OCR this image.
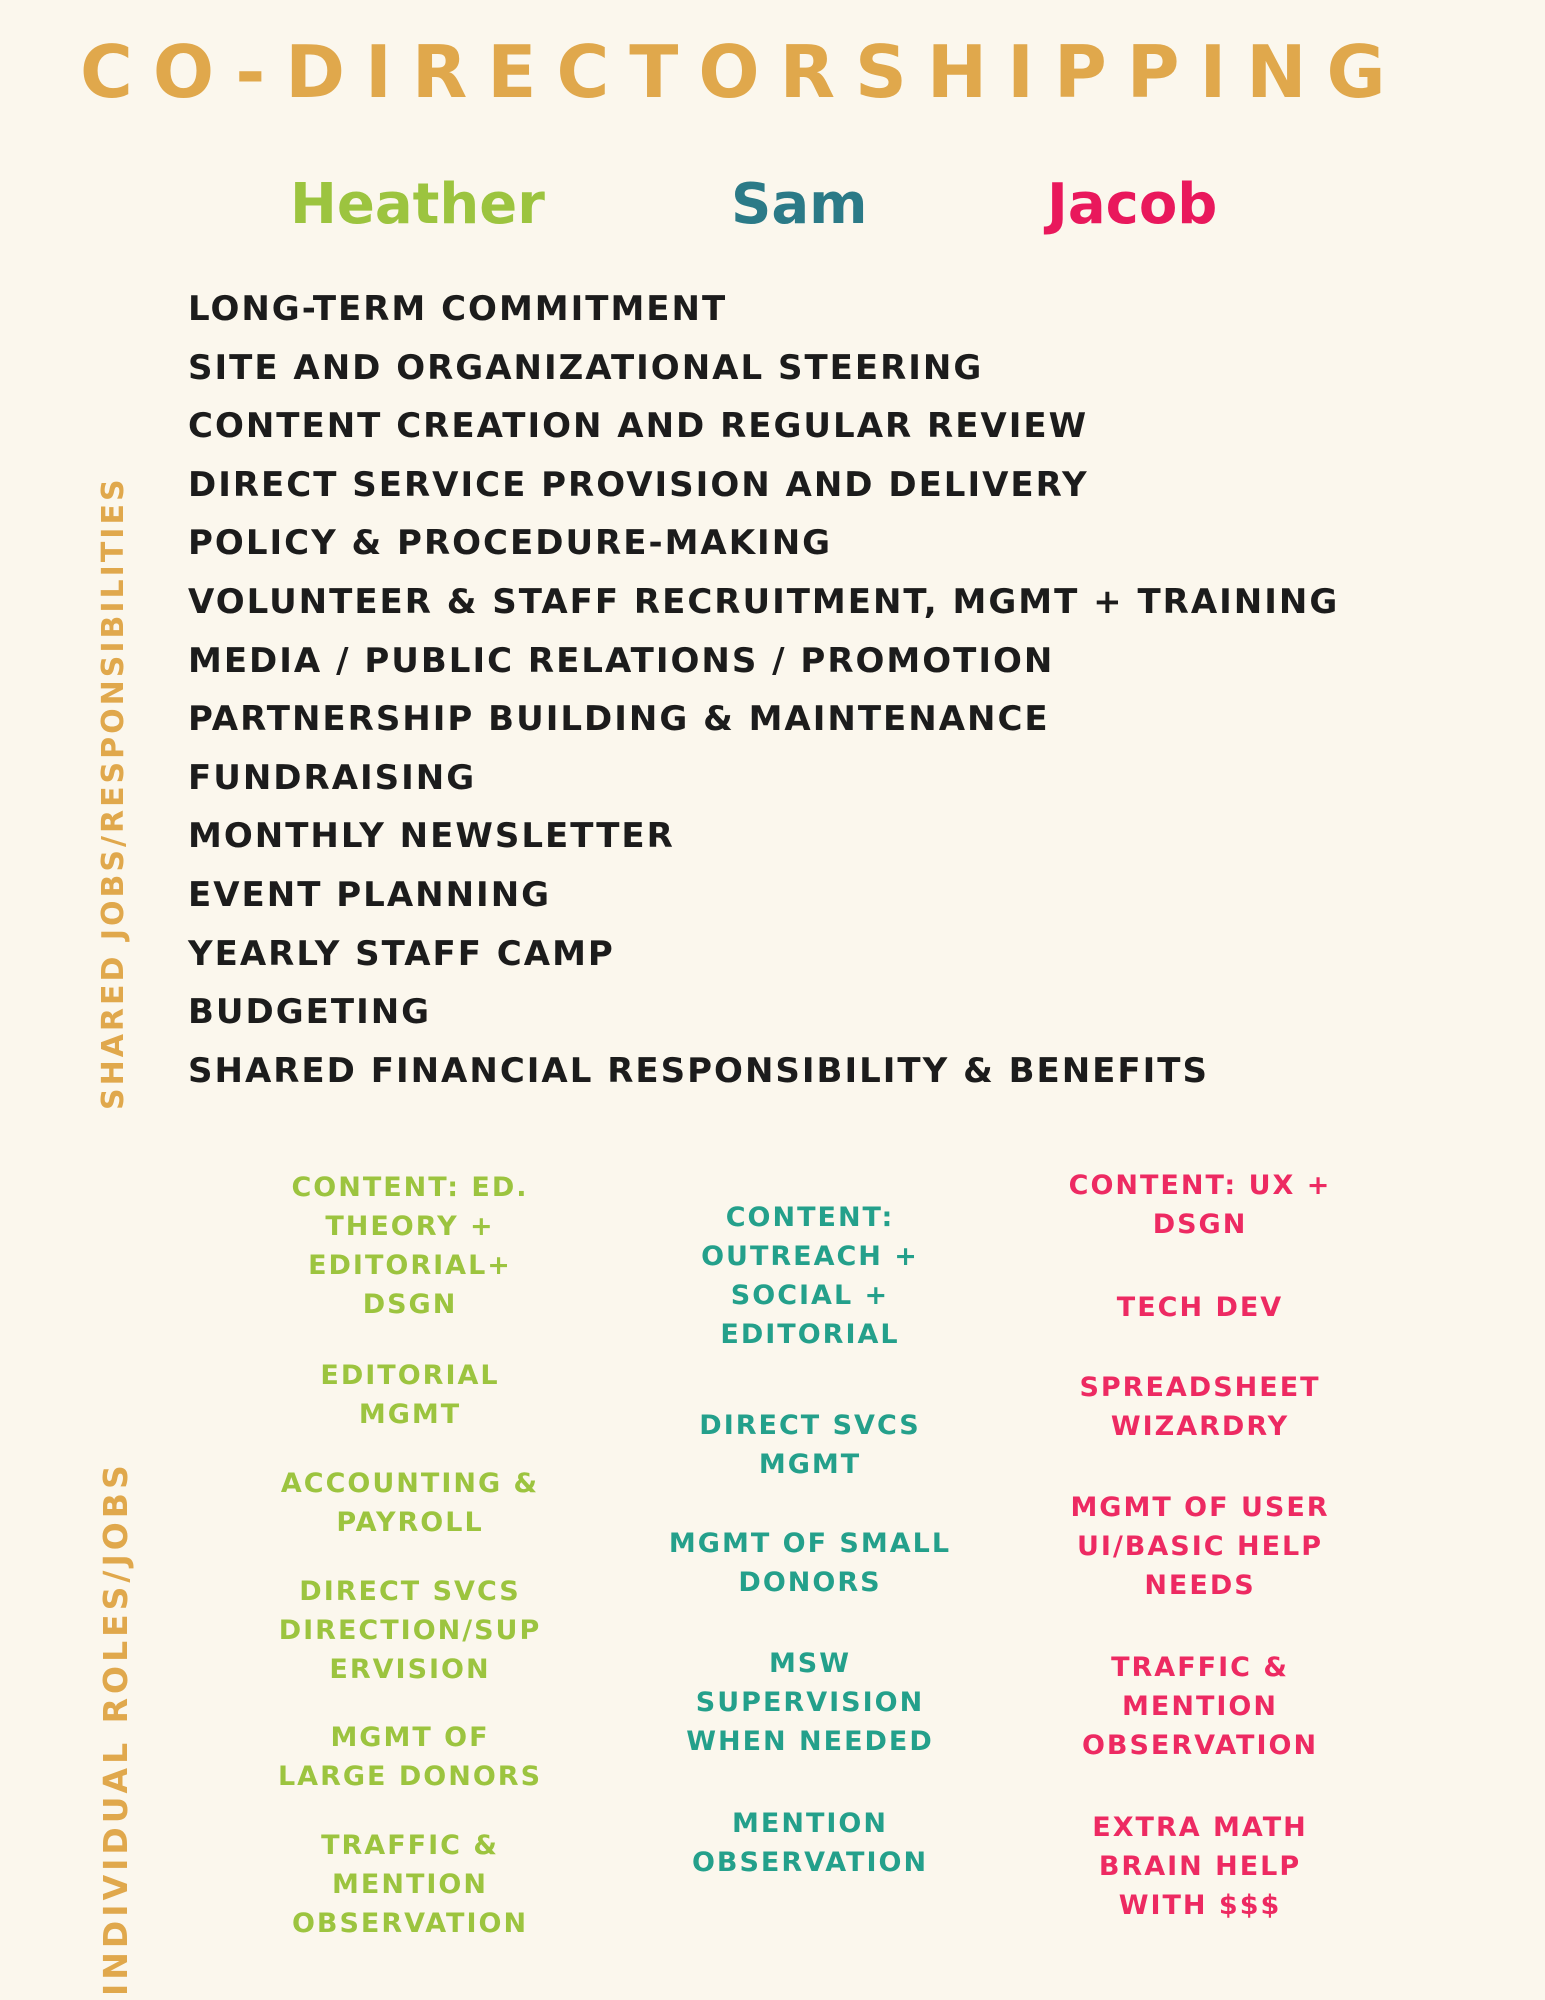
CO-DIRECTORSHIPPING
SHARED JOBS/RESPONSIBILITIES
INDIVIDUAL ROLES/JOBS
Heather	Sam	Jacob
LONG-TERM COMMITMENT
SITE AND ORGANIZATIONAL STEERING
CONTENT CREATION AND REGULAR REVIEW
DIRECT SERVICE PROVISION AND DELIVERY
POLICY & PROCEDURE-MAKING
VOLUNTEER & STAFF RECRUITMENT, MGMT + TRAINING
MEDIA / PUBLIC RELATIONS / PROMOTION
PARTNERSHIP BUILDING & MAINTENANCE
FUNDRAISING
MONTHLY NEWSLETTER
EVENT PLANNING
YEARLY STAFF CAMP
BUDGETING
SHARED FINANCIAL RESPONSIBILITY & BENEFITS
CONTENT: ED.
THEORY +
EDITORIAL+
DSGN
EDITORIAL
MGMT
ACCOUNTING &
PAYROLL
DIRECT SVCS
DIRECTION/SUP
ERVISION
MGMT OF
LARGE DONORS
TRAFFIC &
MENTION
OBSERVATION
CONTENT:
OUTREACH +
SOCIAL +
EDITORIAL
DIRECT SVCS
MGMT
MGMT OF SMALL
DONORS
MSW
SUPERVISION
WHEN NEEDED
MENTION
OBSERVATION
CONTENT: UX +
DSGN
TECH DEV
SPREADSHEET
WIZARDRY
MGMT OF USER
UI/BASIC HELP
NEEDS
TRAFFIC &
MENTION
OBSERVATION
EXTRA MATH
BRAIN HELP
WITH $$$
